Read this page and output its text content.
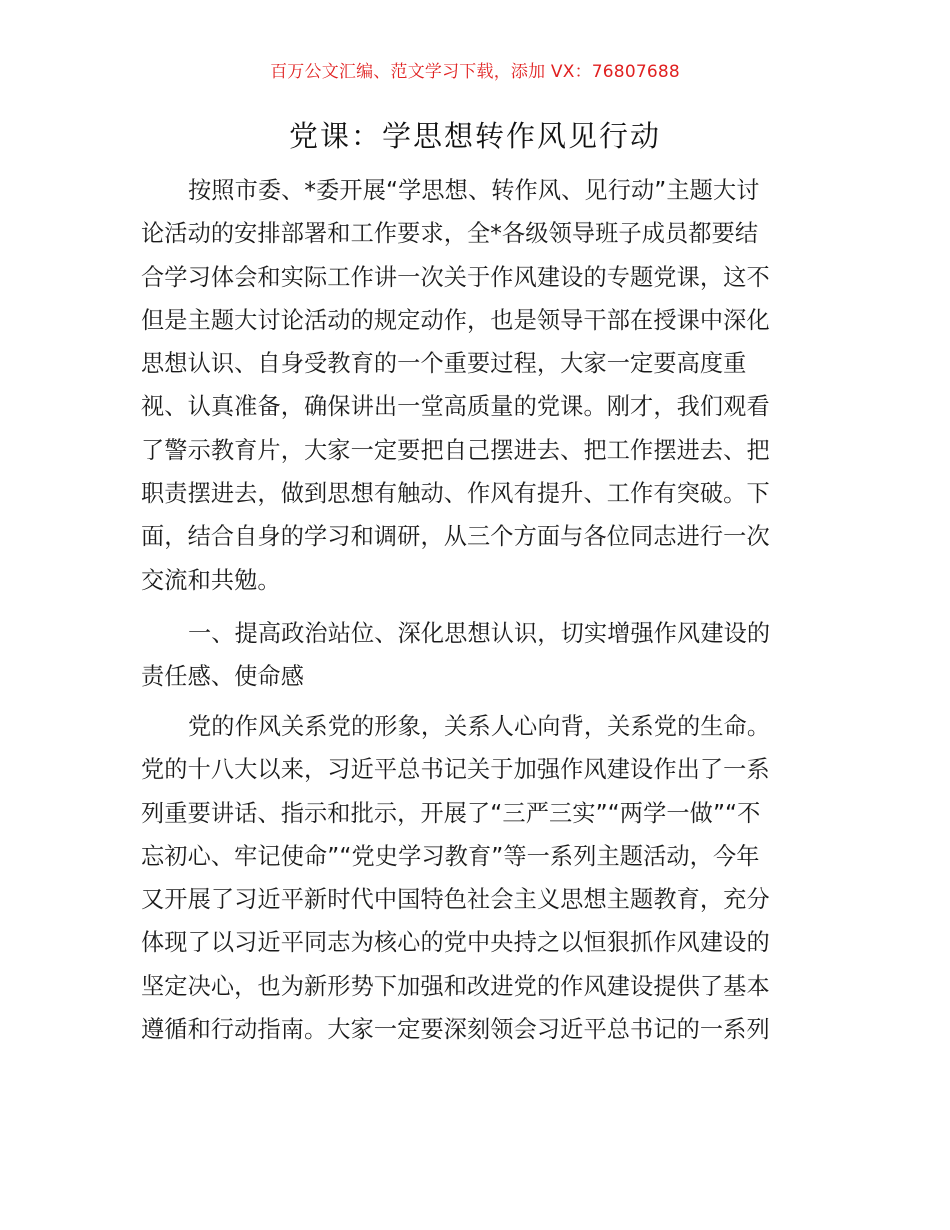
百万公文汇编、范文学习下载，添加 VX：76807688
党课：学思想转作风见行动
按照市委、*委开展“学思想、转作风、见行动”主题大讨
论活动的安排部署和工作要求，全*各级领导班子成员都要结
合学习体会和实际工作讲一次关于作风建设的专题党课，这不
但是主题大讨论活动的规定动作，也是领导干部在授课中深化
思想认识、自身受教育的一个重要过程，大家一定要高度重
视、认真准备，确保讲出一堂高质量的党课。刚才，我们观看
了警示教育片，大家一定要把自己摆进去、把工作摆进去、把
职责摆进去，做到思想有触动、作风有提升、工作有突破。下
面，结合自身的学习和调研，从三个方面与各位同志进行一次
交流和共勉。
一、提高政治站位、深化思想认识，切实增强作风建设的
责任感、使命感
党的作风关系党的形象，关系人心向背，关系党的生命。
党的十八大以来，习近平总书记关于加强作风建设作出了一系
列重要讲话、指示和批示，开展了“三严三实”“两学一做”“不
忘初心、牢记使命”“党史学习教育”等一系列主题活动，今年
又开展了习近平新时代中国特色社会主义思想主题教育，充分
体现了以习近平同志为核心的党中央持之以恒狠抓作风建设的
坚定决心，也为新形势下加强和改进党的作风建设提供了基本
遵循和行动指南。大家一定要深刻领会习近平总书记的一系列
